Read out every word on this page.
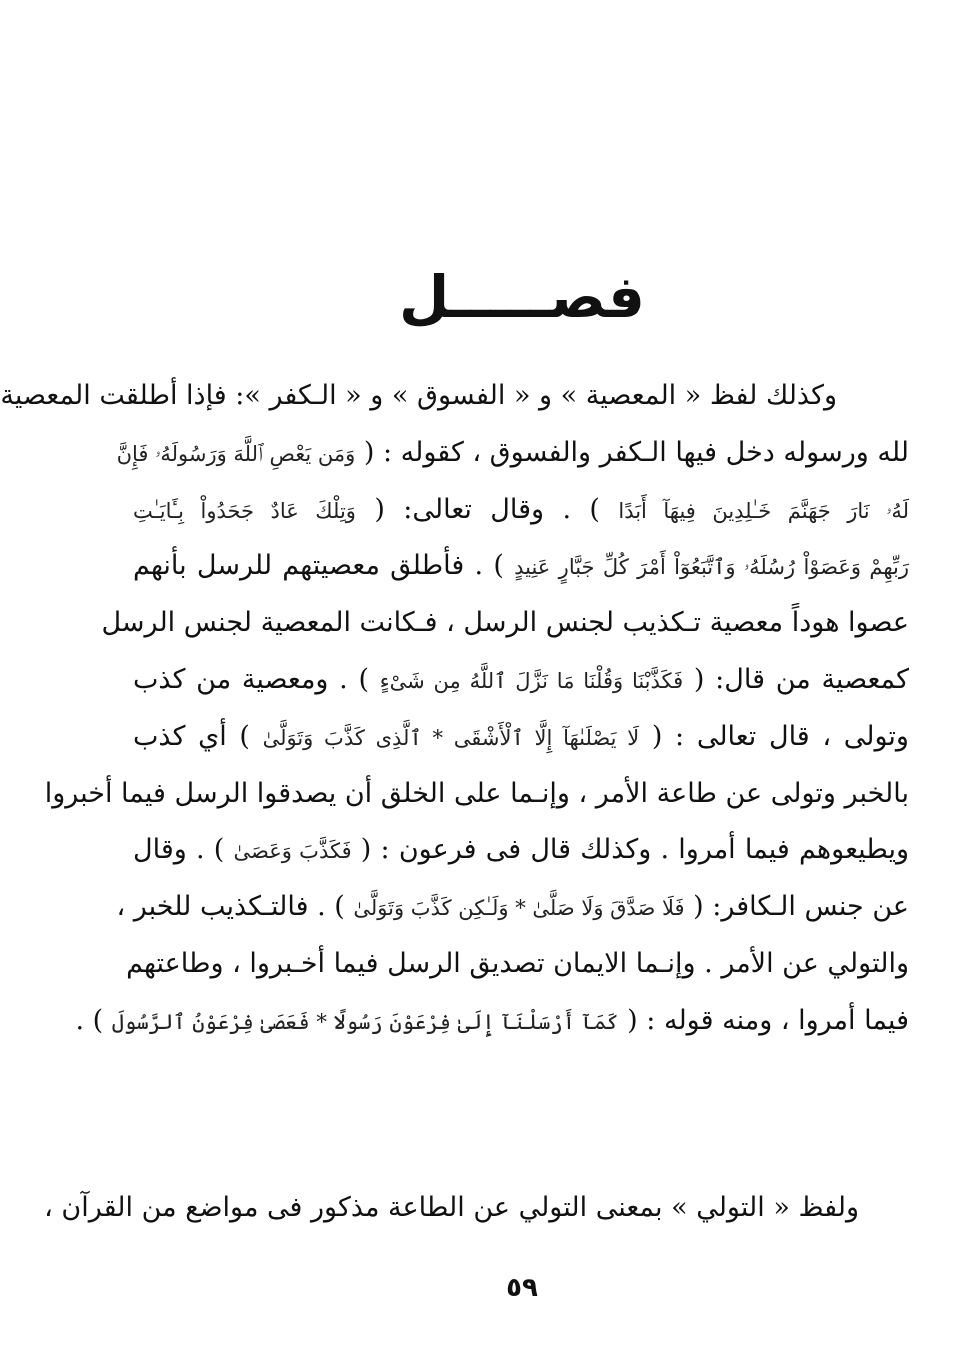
فصـــــل
وكذلك لفظ « المعصية » و « الفسوق » و « الـكفر »: فإذا أطلقت المعصية
لله ورسوله دخل فيها الـكفر والفسوق ، كقوله : ( وَمَن يَعْصِ ٱللَّهَ وَرَسُولَهُۥ فَإِنَّ
لَهُۥ نَارَ جَهَنَّمَ خَـٰلِدِينَ فِيهَآ أَبَدًا ) . وقال تعالى: ( وَتِلْكَ عَادٌ جَحَدُواْ بِـَٔايَـٰتِ
رَبِّهِمْ وَعَصَوْاْ رُسُلَهُۥ وَٱتَّبَعُوٓاْ أَمْرَ كُلِّ جَبَّارٍ عَنِيدٍ ) . فأطلق معصيتهم للرسل بأنهم
عصوا هوداً معصية تـكذيب لجنس الرسل ، فـكانت المعصية لجنس الرسل
كمعصية من قال: ( فَكَذَّبْنَا وَقُلْنَا مَا نَزَّلَ ٱللَّهُ مِن شَىْءٍ ) . ومعصية من كذب
وتولى ، قال تعالى : ( لَا يَصْلَىٰهَآ إِلَّا ٱلْأَشْقَى * ٱلَّذِى كَذَّبَ وَتَوَلَّىٰ ) أي كذب
بالخبر وتولى عن طاعة الأمر ، وإنـما على الخلق أن يصدقوا الرسل فيما أخبروا
ويطيعوهم فيما أمروا . وكذلك قال فى فرعون : ( فَكَذَّبَ وَعَصَىٰ ) . وقال
عن جنس الـكافر: ( فَلَا صَدَّقَ وَلَا صَلَّىٰ * وَلَـٰكِن كَذَّبَ وَتَوَلَّىٰ ) . فالتـكذيب للخبر ،
والتولي عن الأمر . وإنـما الايمان تصديق الرسل فيما أخـبروا ، وطاعتهم
فيما أمروا ، ومنه قوله : ( كَمَآ أَرْسَلْنَآ إِلَىٰ فِرْعَوْنَ رَسُولًا * فَعَصَىٰ فِرْعَوْنُ ٱلرَّسُولَ ) .
ولفظ « التولي » بمعنى التولي عن الطاعة مذكور فى مواضع من القرآن ،
٥٩
